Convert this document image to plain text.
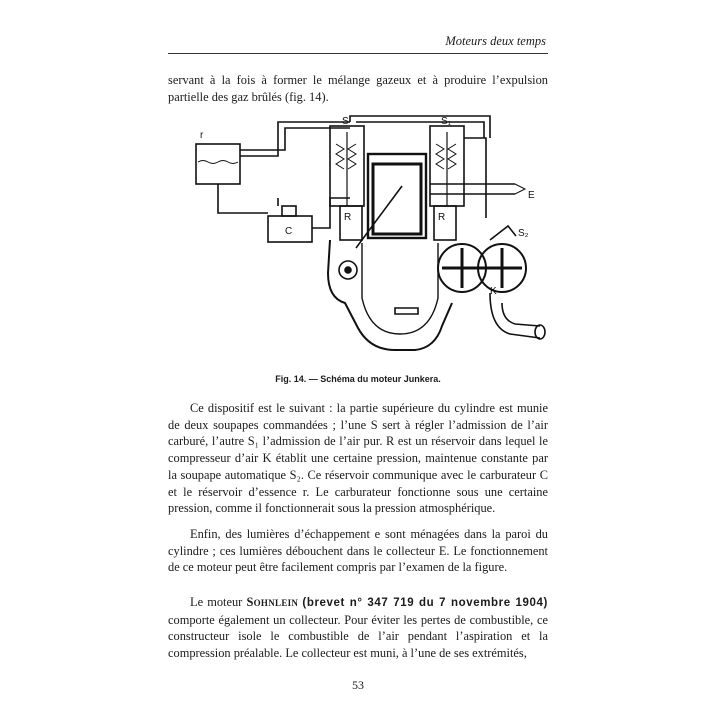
Moteurs deux temps

servant à la fois à former le mélange gazeux et à produire l’expulsion partielle des gaz brûlés (fig. 14).

r
C
S	S₁
R	R
E
S₂
K
Fig. 14. — Schéma du moteur Junkera.

Ce dispositif est le suivant : la partie supérieure du cylindre est munie de deux soupapes commandées ; l’une S sert à régler l’admission de l’air carburé, l’autre S₁ l’admission de l’air pur. R est un réservoir dans lequel le compresseur d’air K établit une certaine pression, maintenue constante par la soupape automatique S₂. Ce réservoir communique avec le carburateur C et le réservoir d’essence r. Le carburateur fonctionne sous une certaine pression, comme il fonctionnerait sous la pression atmosphérique.

Enfin, des lumières d’échappement e sont ménagées dans la paroi du cylindre ; ces lumières débouchent dans le collecteur E. Le fonctionnement de ce moteur peut être facilement compris par l’examen de la figure.

Le moteur Sohnlein (brevet n° 347 719 du 7 novembre 1904) comporte également un collecteur. Pour éviter les pertes de combustible, ce constructeur isole le combustible de l’air pendant l’aspiration et la compression préalable. Le collecteur est muni, à l’une de ses extrémités,

53
